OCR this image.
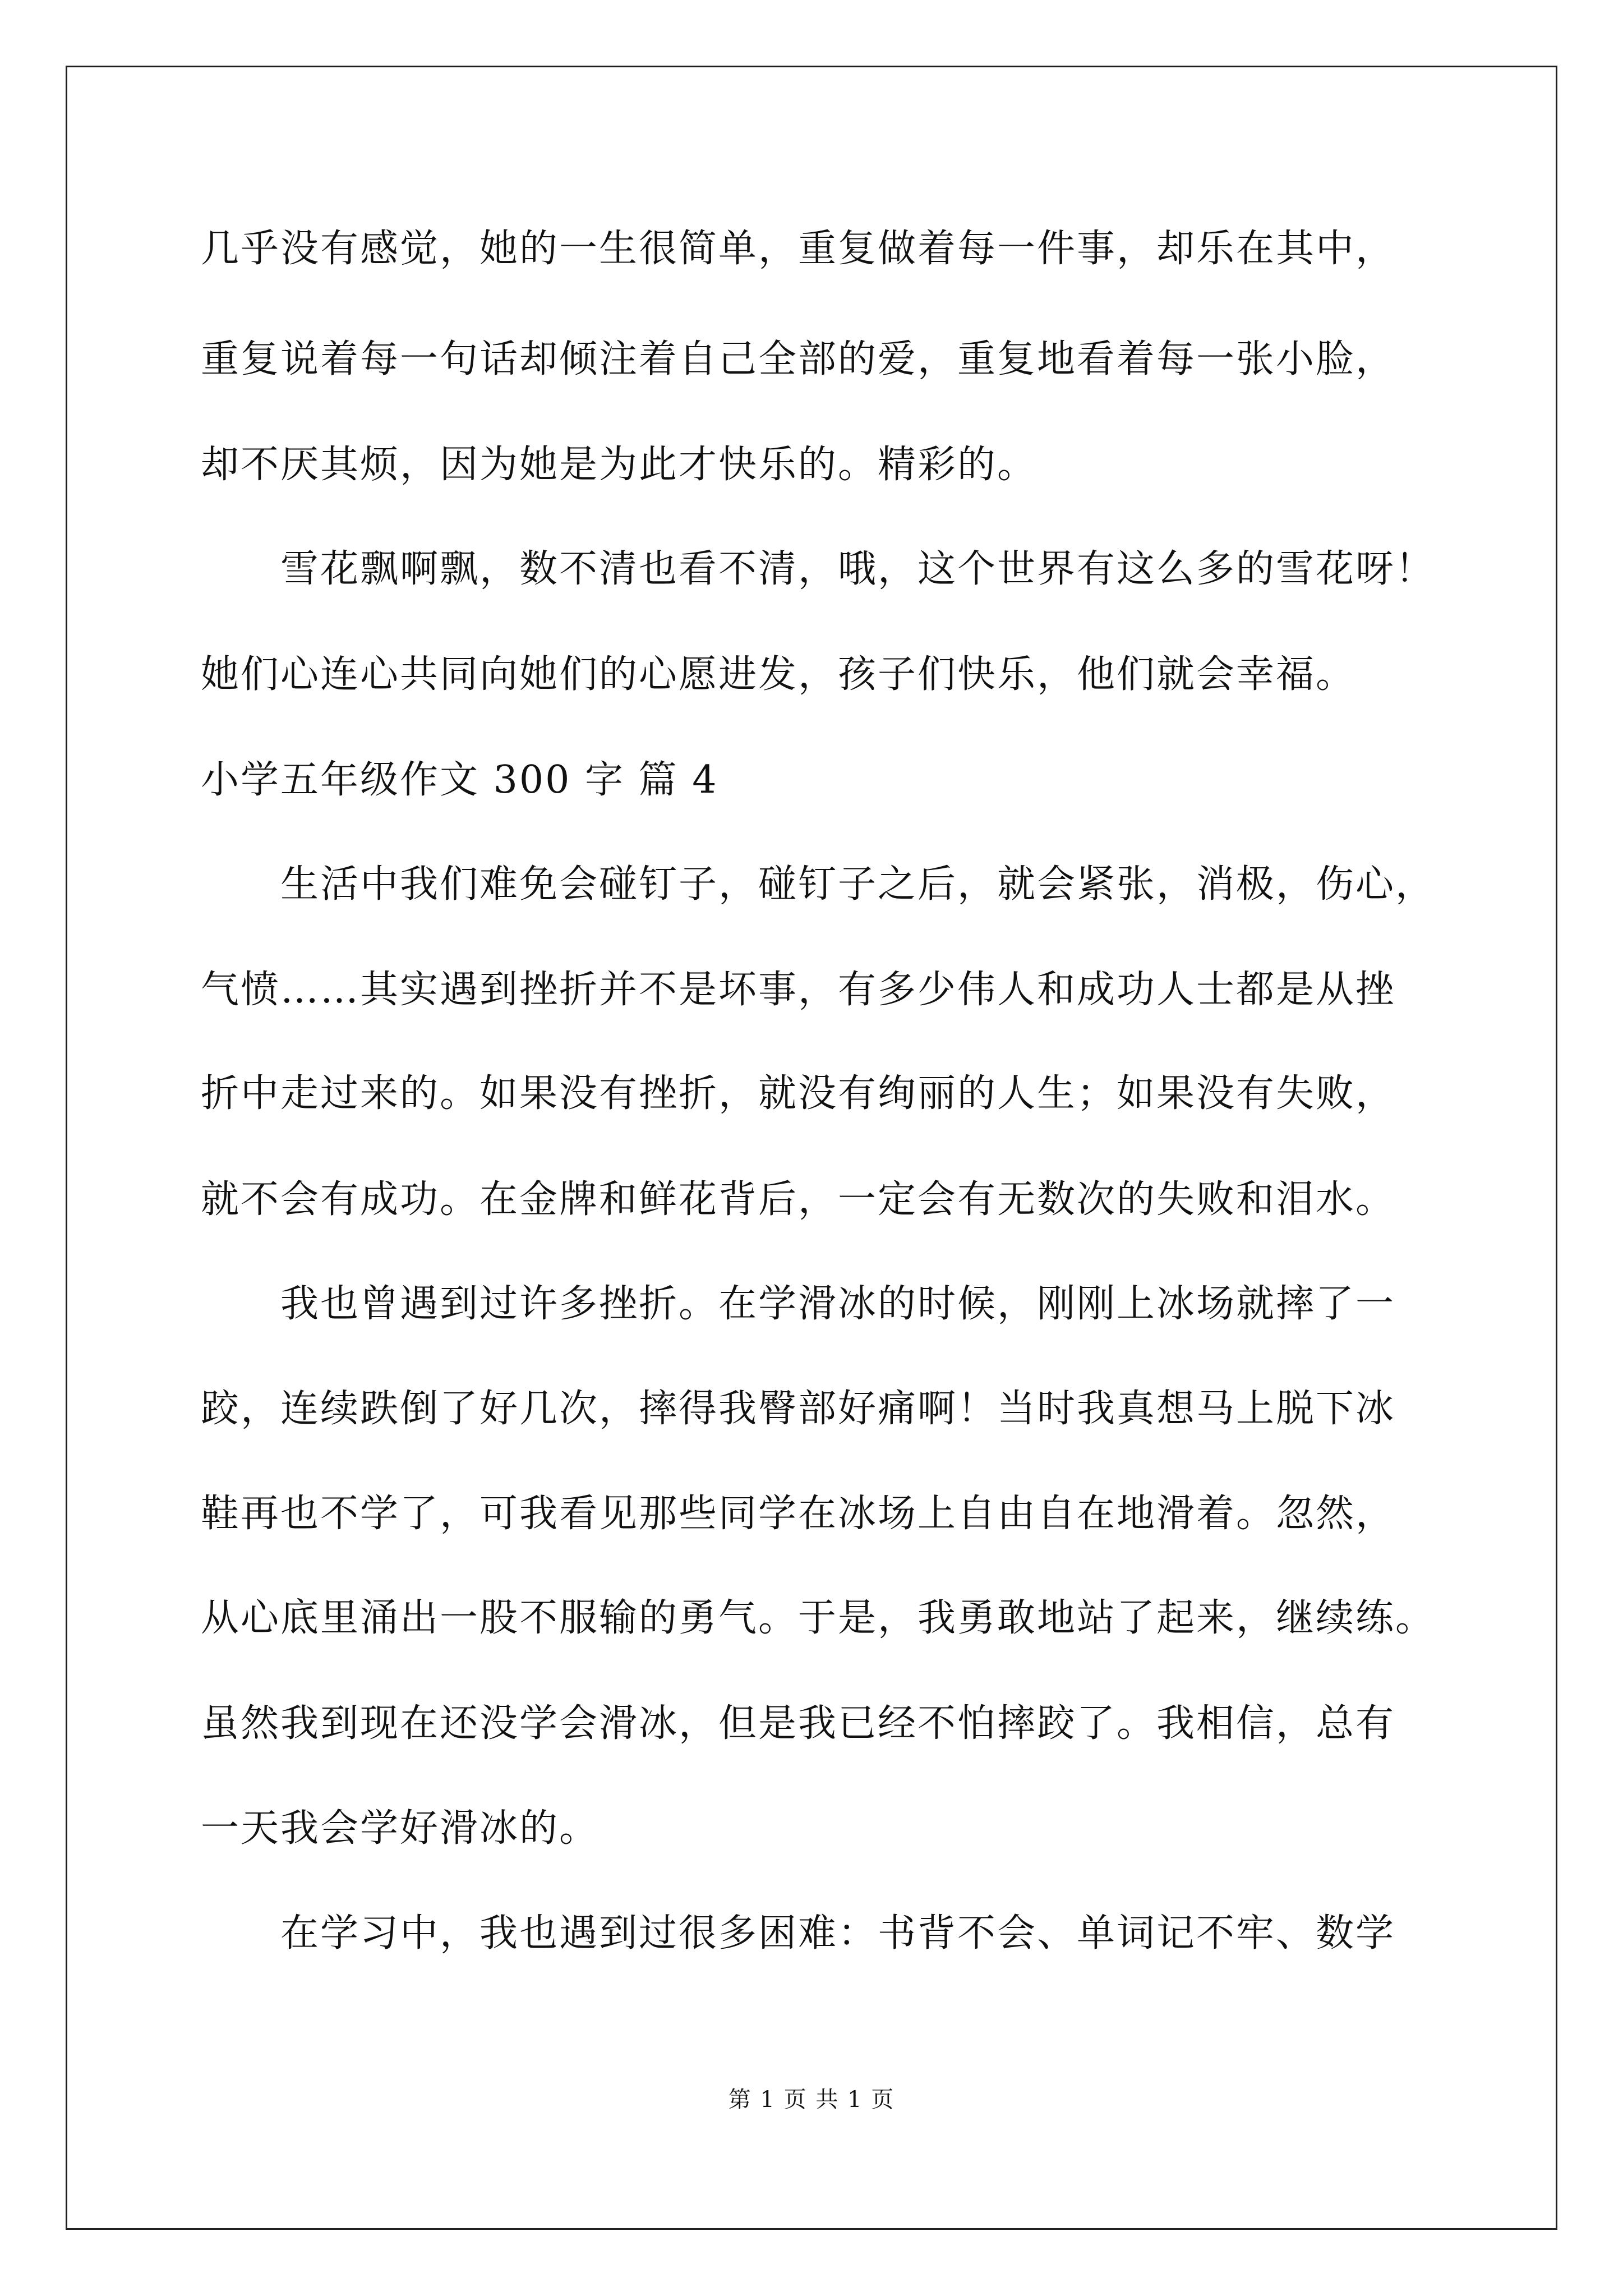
几乎没有感觉，她的一生很简单，重复做着每一件事，却乐在其中，
重复说着每一句话却倾注着自己全部的爱，重复地看着每一张小脸，
却不厌其烦，因为她是为此才快乐的。精彩的。
雪花飘啊飘，数不清也看不清，哦，这个世界有这么多的雪花呀！
她们心连心共同向她们的心愿进发，孩子们快乐，他们就会幸福。
小学五年级作文 300 字 篇 4
生活中我们难免会碰钉子，碰钉子之后，就会紧张，消极，伤心，
气愤……其实遇到挫折并不是坏事，有多少伟人和成功人士都是从挫
折中走过来的。如果没有挫折，就没有绚丽的人生；如果没有失败，
就不会有成功。在金牌和鲜花背后，一定会有无数次的失败和泪水。
我也曾遇到过许多挫折。在学滑冰的时候，刚刚上冰场就摔了一
跤，连续跌倒了好几次，摔得我臀部好痛啊！当时我真想马上脱下冰
鞋再也不学了，可我看见那些同学在冰场上自由自在地滑着。忽然，
从心底里涌出一股不服输的勇气。于是，我勇敢地站了起来，继续练。
虽然我到现在还没学会滑冰，但是我已经不怕摔跤了。我相信，总有
一天我会学好滑冰的。
在学习中，我也遇到过很多困难：书背不会、单词记不牢、数学
第 1 页 共 1 页
